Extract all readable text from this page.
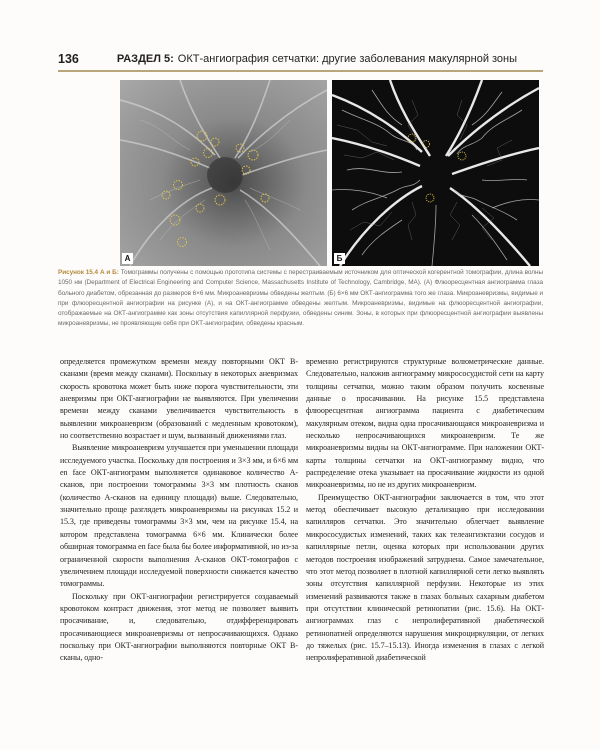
136	РАЗДЕЛ 5: ОКТ-ангиография сетчатки: другие заболевания макулярной зоны
А	Б
Рисунок 15.4 А и Б: Томограммы получены с помощью прототипа системы с перестраиваемым источником для оптической когерентной томографии, длина волны 1050 нм (Department of Electrical Engineering and Computer Science, Massachusetts Institute of Technology, Cambridge, MA). (А) Флюоресцентная ангиограмма глаза больного диабетом, обрезанная до размеров 6×6 мм. Микроаневризмы обведены желтым. (Б) 6×6 мм ОКТ-ангиограмма того же глаза. Микроаневризмы, видимые и при флюоресцентной ангиографии на рисунке (А), и на ОКТ-ангиограмме обведены желтым. Микроаневризмы, видимые на флюоресцентной ангиографии, отображаемые на ОКТ-ангиограмме как зоны отсутствия капиллярной перфузии, обведены синим. Зоны, в которых при флюоресцентной ангиографии выявлены микроаневризмы, не проявляющие себя при ОКТ-ангиографии, обведены красным.

определяется промежутком времени между повторными ОКТ В-сканами (время между сканами). Поскольку в некоторых аневризмах скорость кровотока может быть ниже порога чувствительности, эти аневризмы при ОКТ-ангиографии не выявляются. При увеличении времени между сканами увеличивается чувствительность в выявлении микроаневризм (образований с медленным кровотоком), но соответственно возрастает и шум, вызванный движениями глаз.

Выявление микроаневризм улучшается при уменьшении площади исследуемого участка. Поскольку для построения и 3×3 мм, и 6×6 мм en face ОКТ-ангиограмм выполняется одинаковое количество А-сканов, при построении томограммы 3×3 мм плотность сканов (количество А-сканов на единицу площади) выше. Следовательно, значительно проще разглядеть микроаневризмы на рисунках 15.2 и 15.3, где приведены томограммы 3×3 мм, чем на рисунке 15.4, на котором представлена томограмма 6×6 мм. Клинически более обширная томограмма en face была бы более информативной, но из-за ограниченной скорости выполнения А-сканов ОКТ-томографов с увеличением площади исследуемой поверхности снижается качество томограммы.

Поскольку при ОКТ-ангиографии регистрируется создаваемый кровотоком контраст движения, этот метод не позволяет выявить просачивание, и, следовательно, отдифференцировать просачивающиеся микроаневризмы от непросачивающихся. Однако поскольку при ОКТ-ангиографии выполняются повторные ОКТ В-сканы, одно-

временно регистрируются структурные волюметрические данные. Следовательно, наложив ангиограмму микрососудистой сети на карту толщины сетчатки, можно таким образом получить косвенные данные о просачивании. На рисунке 15.5 представлена флюоресцентная ангиограмма пациента с диабетическим макулярным отеком, видна одна просачивающаяся микроаневризма и несколько непросачивающихся микроаневризм. Те же микроаневризмы видны на ОКТ-ангиограмме. При наложении ОКТ-карты толщины сетчатки на ОКТ-ангиограмму видно, что распределение отека указывает на просачивание жидкости из одной микроаневризмы, но не из других микроаневризм.

Преимущество ОКТ-ангиографии заключается в том, что этот метод обеспечивает высокую детализацию при исследовании капилляров сетчатки. Это значительно облегчает выявление микрососудистых изменений, таких как телеангиэктазии сосудов и капиллярные петли, оценка которых при использовании других методов построения изображений затруднена. Самое замечательное, что этот метод позволяет в плотной капиллярной сети легко выявлять зоны отсутствия капиллярной перфузии. Некоторые из этих изменений развиваются также в глазах больных сахарным диабетом при отсутствии клинической ретинопатии (рис. 15.6). На ОКТ-ангиограммах глаз с непролиферативной диабетической ретинопатией определяются нарушения микроциркуляции, от легких до тяжелых (рис. 15.7–15.13). Иногда изменения в глазах с легкой непролиферативной диабетической
